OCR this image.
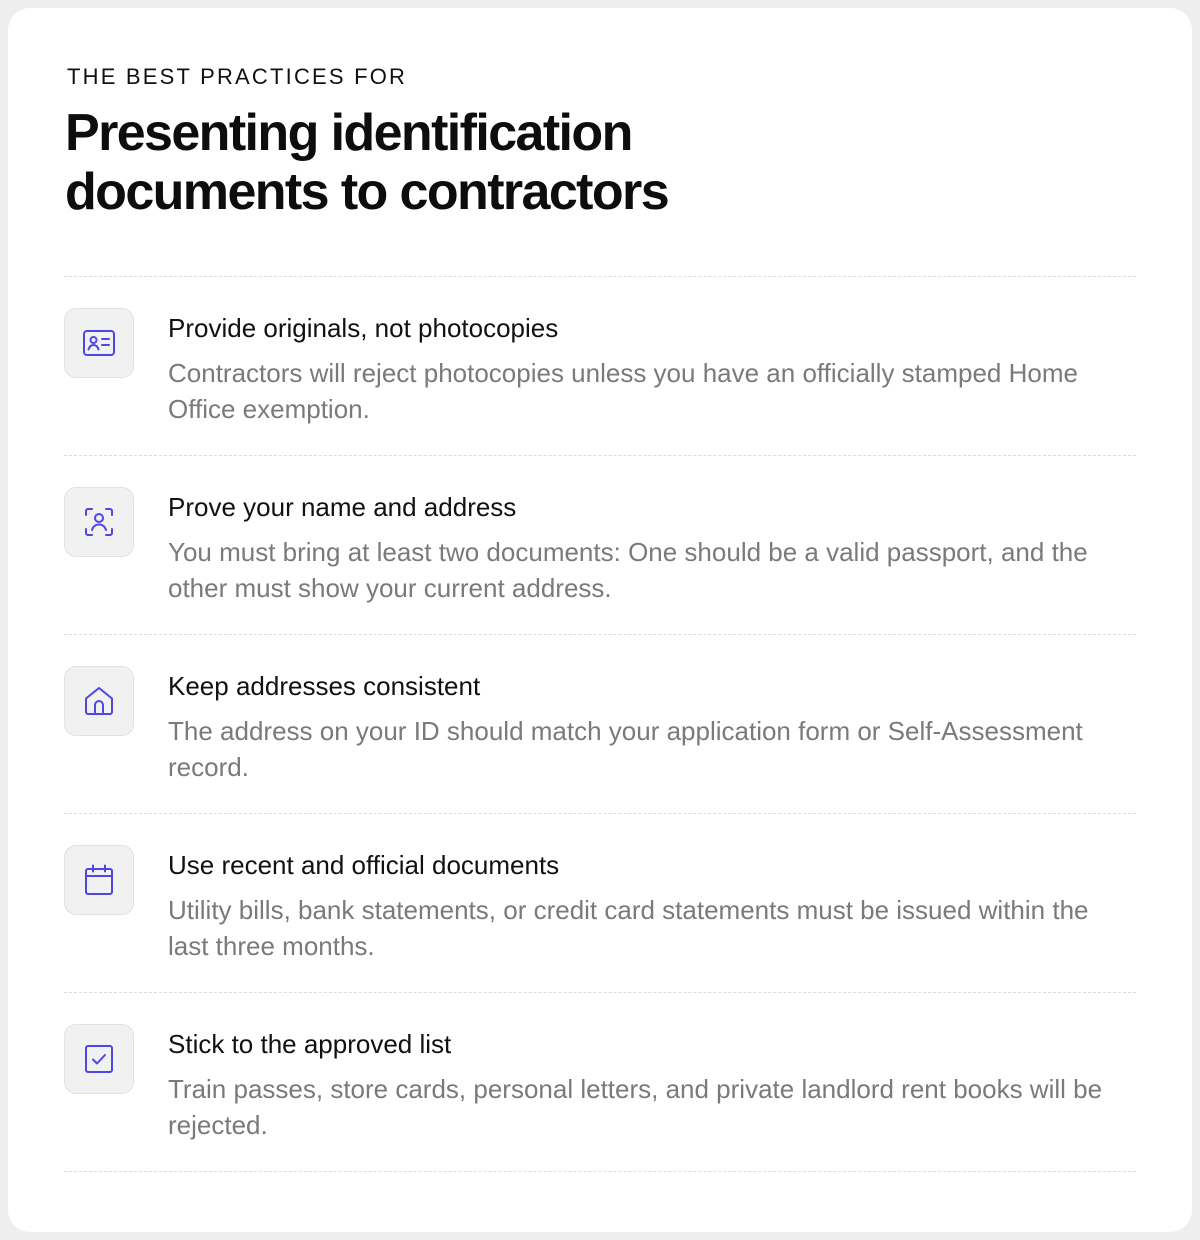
THE BEST PRACTICES FOR
Presenting identification documents to contractors
Provide originals, not photocopies
Contractors will reject photocopies unless you have an officially stamped Home Office exemption.
Prove your name and address
You must bring at least two documents: One should be a valid passport, and the other must show your current address.
Keep addresses consistent
The address on your ID should match your application form or Self-Assessment record.
Use recent and official documents
Utility bills, bank statements, or credit card statements must be issued within the last three months.
Stick to the approved list
Train passes, store cards, personal letters, and private landlord rent books will be rejected.
